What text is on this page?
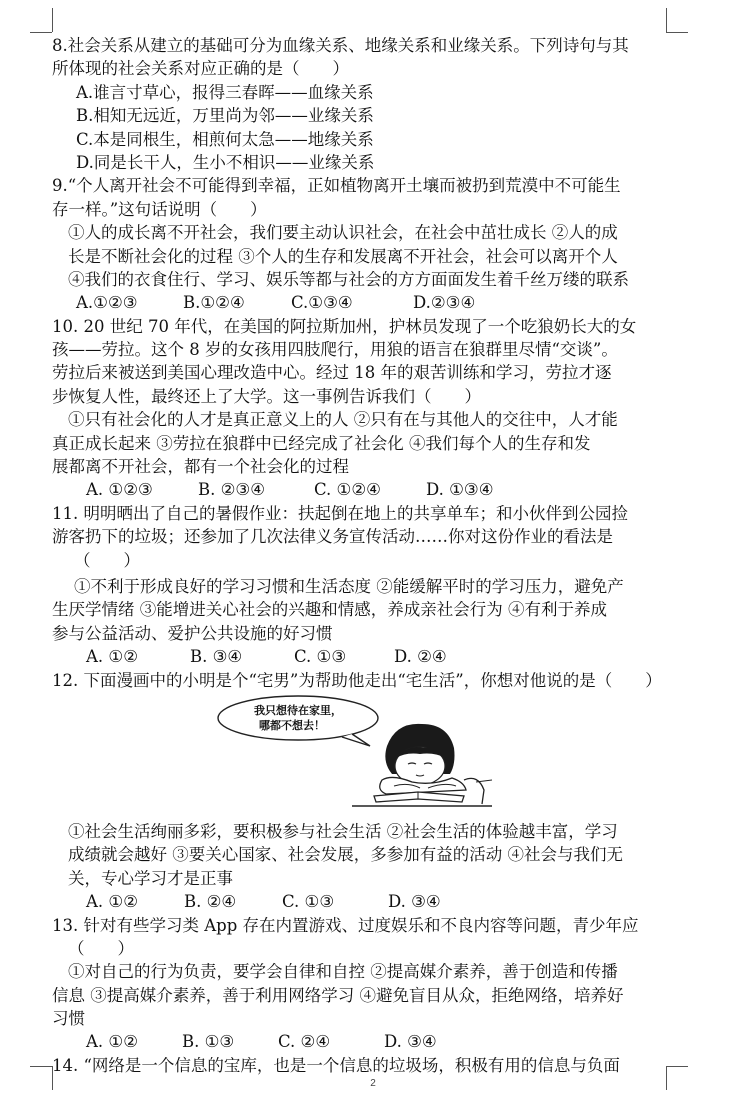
8.社会关系从建立的基础可分为血缘关系、地缘关系和业缘关系。下列诗句与其
所体现的社会关系对应正确的是（　　）
A.谁言寸草心，报得三春晖——血缘关系
B.相知无远近，万里尚为邻——业缘关系
C.本是同根生，相煎何太急——地缘关系
D.同是长干人，生小不相识——业缘关系
9.“个人离开社会不可能得到幸福，正如植物离开土壤而被扔到荒漠中不可能生
存一样。”这句话说明（　　）
①人的成长离不开社会，我们要主动认识社会，在社会中茁壮成长 ②人的成
长是不断社会化的过程 ③个人的生存和发展离不开社会，社会可以离开个人
④我们的衣食住行、学习、娱乐等都与社会的方方面面发生着千丝万缕的联系
A.①②③	B.①②④	C.①③④	D.②③④
10. 20 世纪 70 年代，在美国的阿拉斯加州，护林员发现了一个吃狼奶长大的女
孩——劳拉。这个 8 岁的女孩用四肢爬行，用狼的语言在狼群里尽情“交谈”。
劳拉后来被送到美国心理改造中心。经过 18 年的艰苦训练和学习，劳拉才逐
步恢复人性，最终还上了大学。这一事例告诉我们（　　）
①只有社会化的人才是真正意义上的人 ②只有在与其他人的交往中，人才能
真正成长起来 ③劳拉在狼群中已经完成了社会化 ④我们每个人的生存和发
展都离不开社会，都有一个社会化的过程
A. ①②③	B. ②③④	C. ①②④	D. ①③④
11. 明明晒出了自己的暑假作业：扶起倒在地上的共享单车；和小伙伴到公园捡
游客扔下的垃圾；还参加了几次法律义务宣传活动……你对这份作业的看法是
（　　）
①不利于形成良好的学习习惯和生活态度 ②能缓解平时的学习压力，避免产
生厌学情绪 ③能增进关心社会的兴趣和情感，养成亲社会行为 ④有利于养成
参与公益活动、爱护公共设施的好习惯
A. ①②	B. ③④	C. ①③	D. ②④
12. 下面漫画中的小明是个“宅男”为帮助他走出“宅生活”，你想对他说的是（　　）
我只想待在家里，
哪都不想去！
①社会生活绚丽多彩，要积极参与社会生活 ②社会生活的体验越丰富，学习
成绩就会越好 ③要关心国家、社会发展，多参加有益的活动 ④社会与我们无
关，专心学习才是正事
A. ①②	B. ②④	C. ①③	D. ③④
13. 针对有些学习类 App 存在内置游戏、过度娱乐和不良内容等问题，青少年应
（　　）
①对自己的行为负责，要学会自律和自控 ②提高媒介素养，善于创造和传播
信息 ③提高媒介素养，善于利用网络学习 ④避免盲目从众，拒绝网络，培养好
习惯
A. ①②	B. ①③	C. ②④	D. ③④
14. “网络是一个信息的宝库，也是一个信息的垃圾场，积极有用的信息与负面
2
